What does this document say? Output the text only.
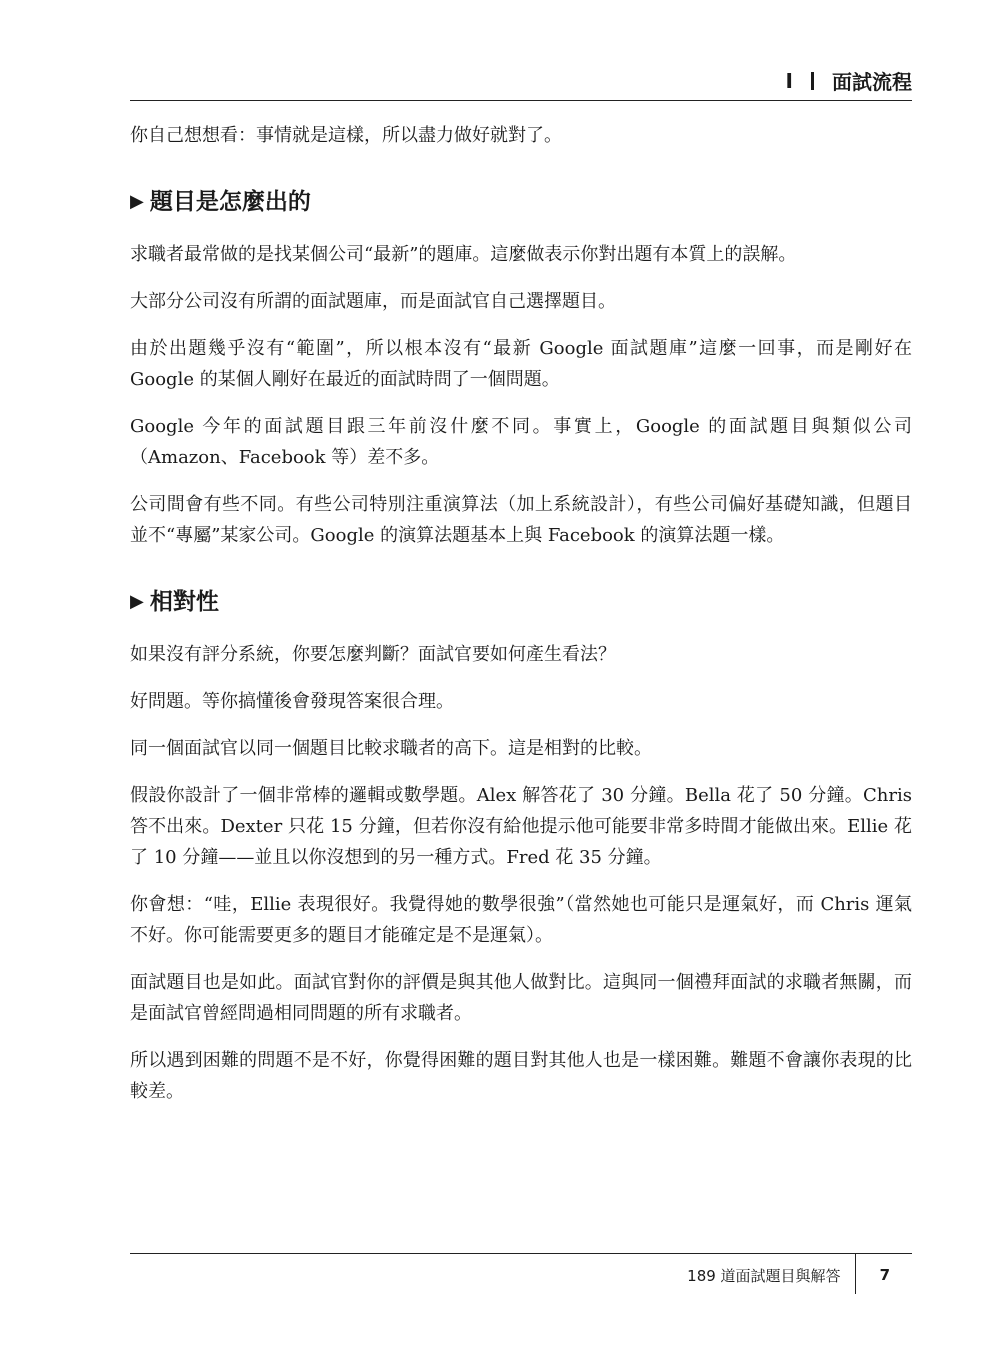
I 面試流程

你自己想想看：事情就是這樣，所以盡力做好就對了。

▶ 題目是怎麼出的

求職者最常做的是找某個公司“最新”的題庫。這麼做表示你對出題有本質上的誤解。

大部分公司沒有所謂的面試題庫，而是面試官自己選擇題目。

由於出題幾乎沒有“範圍”，所以根本沒有“最新 Google 面試題庫”這麼一回事，而是剛好在 Google 的某個人剛好在最近的面試時問了一個問題。

Google 今年的面試題目跟三年前沒什麼不同。事實上，Google 的面試題目與類似公司（Amazon、Facebook 等）差不多。

公司間會有些不同。有些公司特別注重演算法（加上系統設計），有些公司偏好基礎知識，但題目並不“專屬”某家公司。Google 的演算法題基本上與 Facebook 的演算法題一樣。

▶ 相對性

如果沒有評分系統，你要怎麼判斷？面試官要如何產生看法？

好問題。等你搞懂後會發現答案很合理。

同一個面試官以同一個題目比較求職者的高下。這是相對的比較。

假設你設計了一個非常棒的邏輯或數學題。Alex 解答花了 30 分鐘。Bella 花了 50 分鐘。Chris 答不出來。Dexter 只花 15 分鐘，但若你沒有給他提示他可能要非常多時間才能做出來。Ellie 花了 10 分鐘——並且以你沒想到的另一種方式。Fred 花 35 分鐘。

你會想：“哇，Ellie 表現很好。我覺得她的數學很強”（當然她也可能只是運氣好，而 Chris 運氣不好。你可能需要更多的題目才能確定是不是運氣）。

面試題目也是如此。面試官對你的評價是與其他人做對比。這與同一個禮拜面試的求職者無關，而是面試官曾經問過相同問題的所有求職者。

所以遇到困難的問題不是不好，你覺得困難的題目對其他人也是一樣困難。難題不會讓你表現的比較差。

189 道面試題目與解答	7
